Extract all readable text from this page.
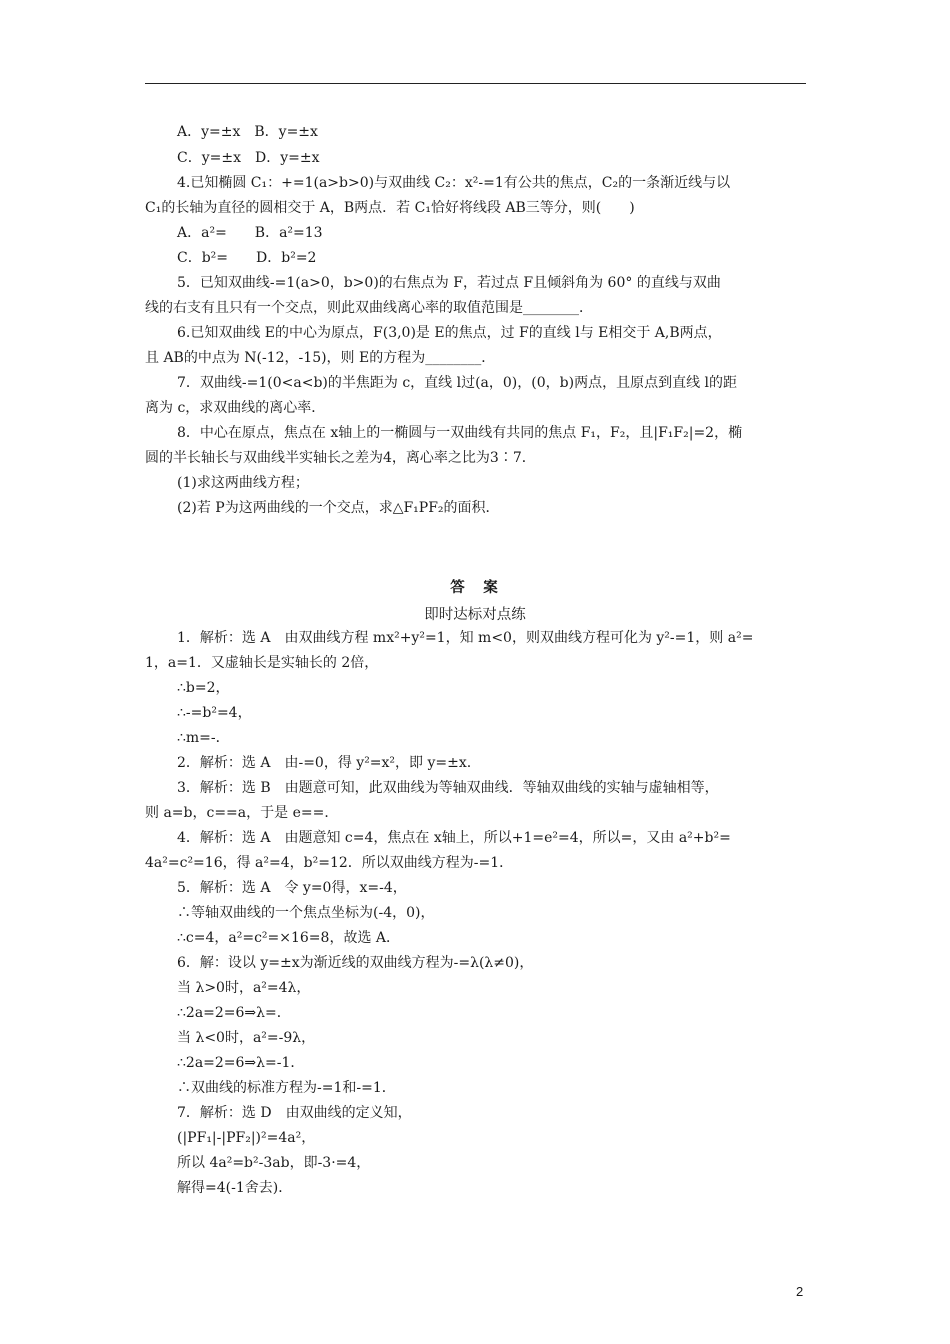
A．y=±x　B．y=±x
C．y=±x　D．y=±x
4.已知椭圆 C₁：+=1(a>b>0)与双曲线 C₂：x²-=1有公共的焦点，C₂的一条渐近线与以
C₁的长轴为直径的圆相交于 A，B两点．若 C₁恰好将线段 AB三等分，则(　　)
A．a²=　　B．a²=13
C．b²=　　D．b²=2
5．已知双曲线-=1(a>0，b>0)的右焦点为 F，若过点 F且倾斜角为 60° 的直线与双曲
线的右支有且只有一个交点，则此双曲线离心率的取值范围是________．
6.已知双曲线 E的中心为原点，F(3,0)是 E的焦点，过 F的直线 l与 E相交于 A,B两点，
且 AB的中点为 N(-12，-15)，则 E的方程为________．
7．双曲线-=1(0<a<b)的半焦距为 c，直线 l过(a，0)，(0，b)两点，且原点到直线 l的距
离为 c，求双曲线的离心率．
8．中心在原点，焦点在 x轴上的一椭圆与一双曲线有共同的焦点 F₁，F₂，且|F₁F₂|=2，椭
圆的半长轴长与双曲线半实轴长之差为4，离心率之比为3∶7．
(1)求这两曲线方程；
(2)若 P为这两曲线的一个交点，求△F₁PF₂的面积．
答　案
即时达标对点练
1．解析：选 A　由双曲线方程 mx²+y²=1，知 m<0，则双曲线方程可化为 y²-=1，则 a²=
1，a=1．又虚轴长是实轴长的 2倍，
∴b=2，
∴-=b²=4，
∴m=-．
2．解析：选 A　由-=0，得 y²=x²，即 y=±x.
3．解析：选 B　由题意可知，此双曲线为等轴双曲线．等轴双曲线的实轴与虚轴相等，
则 a=b，c==a，于是 e==．
4．解析：选 A　由题意知 c=4，焦点在 x轴上，所以+1=e²=4，所以=，又由 a²+b²=
4a²=c²=16，得 a²=4，b²=12．所以双曲线方程为-=1．
5．解析：选 A　令 y=0得，x=-4，
∴等轴双曲线的一个焦点坐标为(-4，0)，
∴c=4，a²=c²=×16=8，故选 A．
6．解：设以 y=±x为渐近线的双曲线方程为-=λ(λ≠0)，
当 λ>0时，a²=4λ，
∴2a=2=6⇒λ=．
当 λ<0时，a²=-9λ，
∴2a=2=6⇒λ=-1．
∴双曲线的标准方程为-=1和-=1．
7．解析：选 D　由双曲线的定义知，
(|PF₁|-|PF₂|)²=4a²，
所以 4a²=b²-3ab，即-3·=4，
解得=4(-1舍去)．
2
